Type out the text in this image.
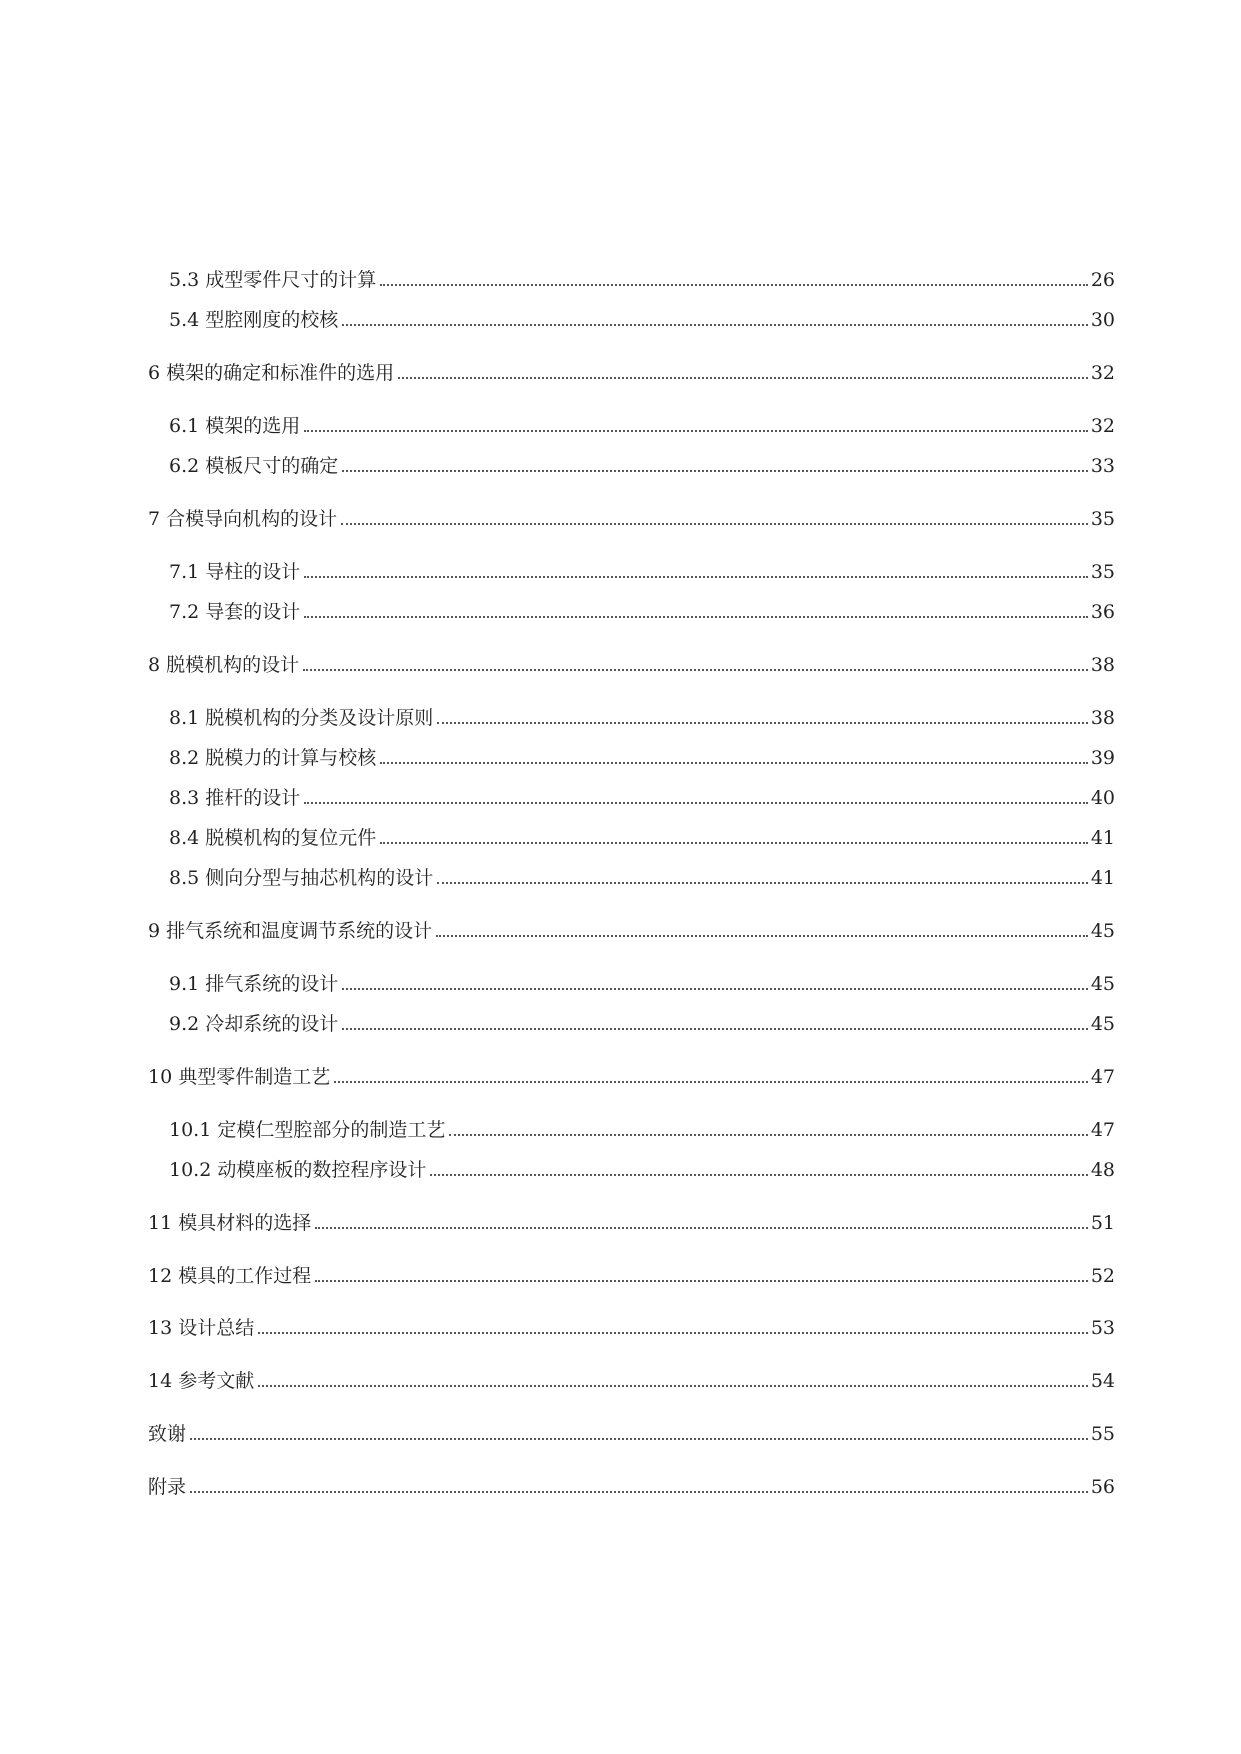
5.3 成型零件尺寸的计算	26
5.4 型腔刚度的校核	30
6 模架的确定和标准件的选用	32
6.1 模架的选用	32
6.2 模板尺寸的确定	33
7 合模导向机构的设计	35
7.1 导柱的设计	35
7.2 导套的设计	36
8 脱模机构的设计	38
8.1 脱模机构的分类及设计原则	38
8.2 脱模力的计算与校核	39
8.3 推杆的设计	40
8.4 脱模机构的复位元件	41
8.5 侧向分型与抽芯机构的设计	41
9 排气系统和温度调节系统的设计	45
9.1 排气系统的设计	45
9.2 冷却系统的设计	45
10 典型零件制造工艺	47
10.1 定模仁型腔部分的制造工艺	47
10.2 动模座板的数控程序设计	48
11 模具材料的选择	51
12 模具的工作过程	52
13 设计总结	53
14 参考文献	54
致谢	55
附录	56
